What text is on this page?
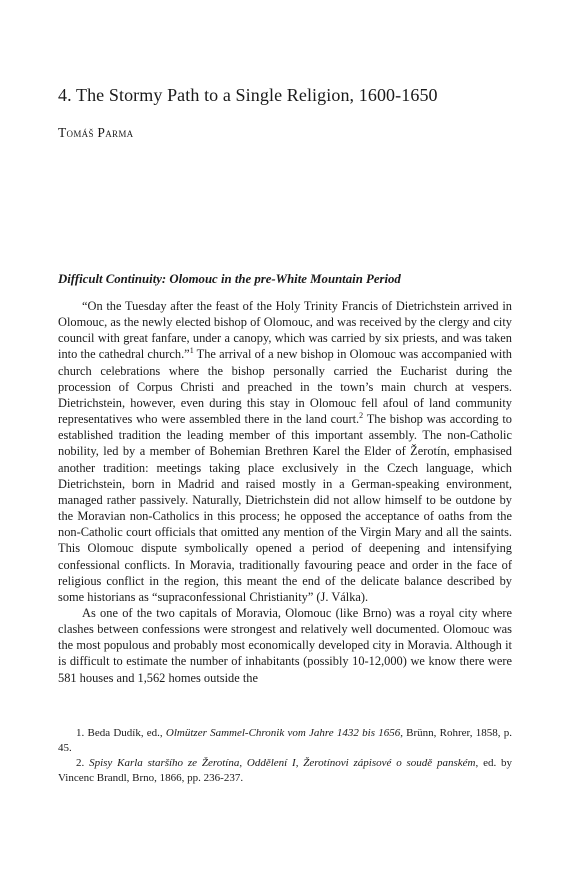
4. The Stormy Path to a Single Religion, 1600-1650
Tomáš Parma
Difficult Continuity: Olomouc in the pre-White Mountain Period

“On the Tuesday after the feast of the Holy Trinity Francis of Dietrichstein arrived in Olomouc, as the newly elected bishop of Olomouc, and was received by the clergy and city council with great fanfare, under a canopy, which was carried by six priests, and was taken into the cathedral church.”$^1$ The arrival of a new bishop in Olomouc was accompanied with church celebrations where the bishop personally carried the Eucharist during the procession of Corpus Christi and preached in the town’s main church at vespers. Dietrichstein, however, even during this stay in Olomouc fell afoul of land community representatives who were assembled there in the land court.$^2$ The bishop was according to established tradition the leading member of this important assembly. The non-Catholic nobility, led by a member of Bohemian Brethren Karel the Elder of Žerotín, emphasised another tradition: meetings taking place exclusively in the Czech language, which Dietrichstein, born in Madrid and raised mostly in a German-speaking environment, managed rather passively. Naturally, Dietrichstein did not allow himself to be outdone by the Moravian non-Catholics in this process; he opposed the acceptance of oaths from the non-Catholic court officials that omitted any mention of the Virgin Mary and all the saints. This Olomouc dispute symbolically opened a period of deepening and intensifying confessional conflicts. In Moravia, traditionally favouring peace and order in the face of religious conflict in the region, this meant the end of the delicate balance described by some historians as “supraconfessional Christianity” (J. Válka).

As one of the two capitals of Moravia, Olomouc (like Brno) was a royal city where clashes between confessions were strongest and relatively well documented. Olomouc was the most populous and probably most economically developed city in Moravia. Although it is difficult to estimate the number of inhabitants (possibly 10-12,000) we know there were 581 houses and 1,562 homes outside the

1. Beda Dudík, ed., Olmützer Sammel-Chronik vom Jahre 1432 bis 1656, Brünn, Rohrer, 1858, p. 45.

2. Spisy Karla staršího ze Žerotína, Oddělení I, Žerotínovi zápisové o soudě panském, ed. by Vincenc Brandl, Brno, 1866, pp. 236-237.
